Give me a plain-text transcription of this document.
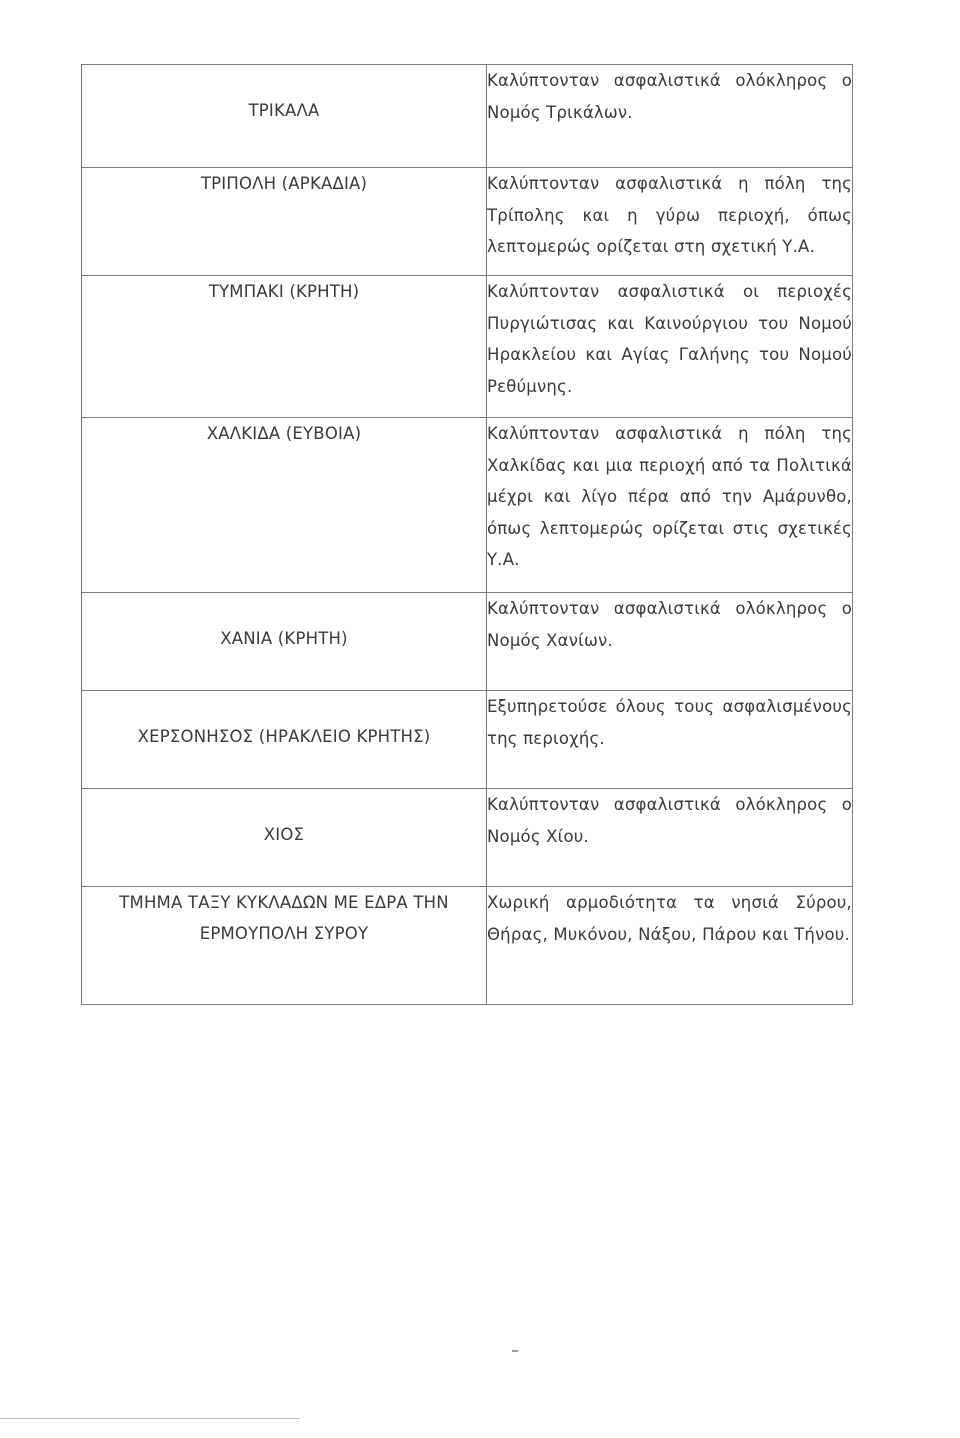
ΤΡΙΚΑΛΑ	Καλύπτονταν ασφαλιστικά ολόκληρος ο Νομός Τρικάλων.

ΤΡΙΠΟΛΗ (ΑΡΚΑΔΙΑ)	Καλύπτονταν ασφαλιστικά η πόλη της Τρίπολης και η γύρω περιοχή, όπως λεπτομερώς ορίζεται στη σχετική Υ.Α.

ΤΥΜΠΑΚΙ (ΚΡΗΤΗ)	Καλύπτονταν ασφαλιστικά οι περιοχές Πυργιώτισας και Καινούργιου του Νομού Ηρακλείου και Αγίας Γαλήνης του Νομού Ρεθύμνης.

ΧΑΛΚΙΔΑ (ΕΥΒΟΙΑ)	Καλύπτονταν ασφαλιστικά η πόλη της Χαλκίδας και μια περιοχή από τα Πολιτικά μέχρι και λίγο πέρα από την Αμάρυνθο, όπως λεπτομερώς ορίζεται στις σχετικές Υ.Α.

ΧΑΝΙΑ (ΚΡΗΤΗ)	Καλύπτονταν ασφαλιστικά ολόκληρος ο Νομός Χανίων.

ΧΕΡΣΟΝΗΣΟΣ (ΗΡΑΚΛΕΙΟ ΚΡΗΤΗΣ)	Εξυπηρετούσε όλους τους ασφαλισμένους της περιοχής.

ΧΙΟΣ	Καλύπτονταν ασφαλιστικά ολόκληρος ο Νομός Χίου.

ΤΜΗΜΑ ΤΑΞΥ ΚΥΚΛΑΔΩΝ ΜΕ ΕΔΡΑ ΤΗΝ ΕΡΜΟΥΠΟΛΗ ΣΥΡΟΥ	Χωρική αρμοδιότητα τα νησιά Σύρου, Θήρας, Μυκόνου, Νάξου, Πάρου και Τήνου.
